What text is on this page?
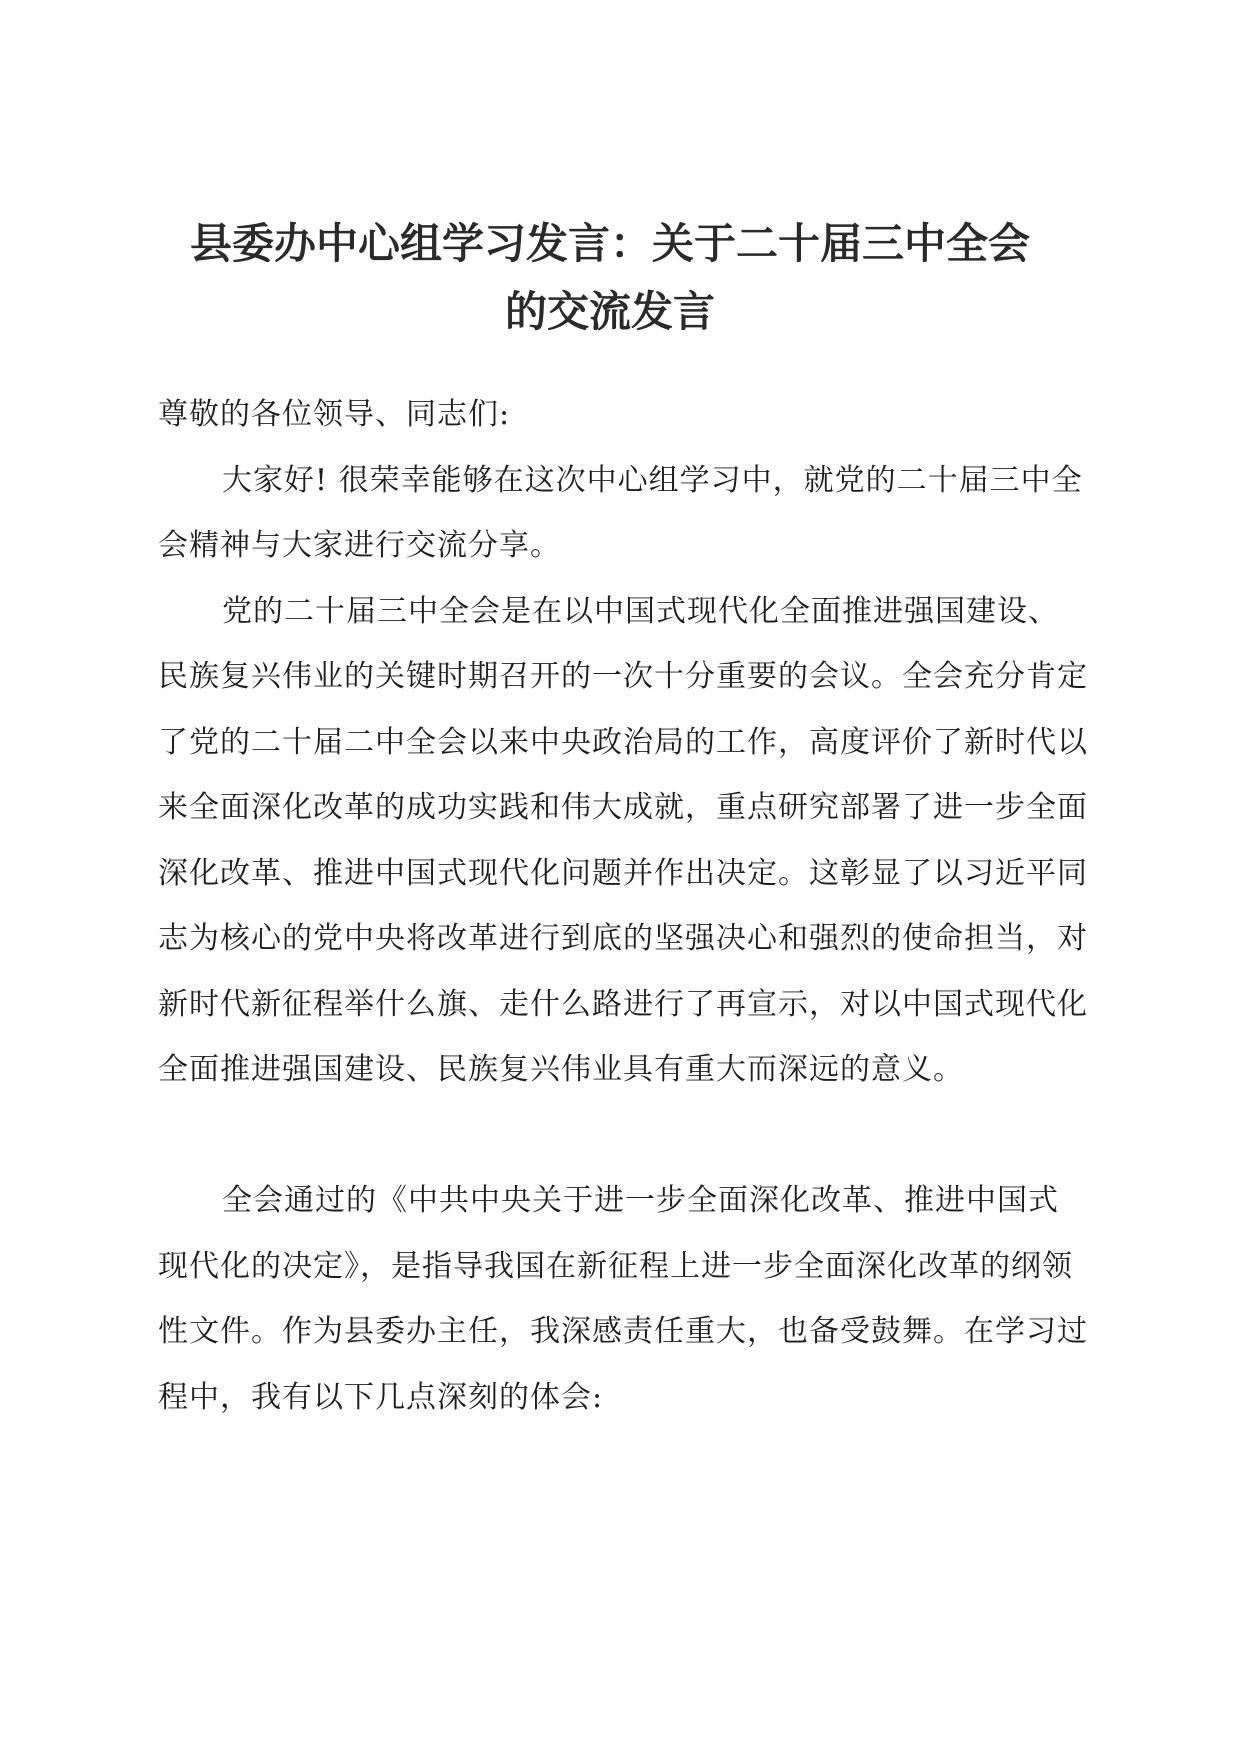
县委办中心组学习发言：关于二十届三中全会
的交流发言

尊敬的各位领导、同志们:

大家好! 很荣幸能够在这次中心组学习中，就党的二十届三中全会精神与大家进行交流分享。

党的二十届三中全会是在以中国式现代化全面推进强国建设、民族复兴伟业的关键时期召开的一次十分重要的会议。全会充分肯定了党的二十届二中全会以来中央政治局的工作，高度评价了新时代以来全面深化改革的成功实践和伟大成就，重点研究部署了进一步全面深化改革、推进中国式现代化问题并作出决定。这彰显了以习近平同志为核心的党中央将改革进行到底的坚强决心和强烈的使命担当，对新时代新征程举什么旗、走什么路进行了再宣示，对以中国式现代化全面推进强国建设、民族复兴伟业具有重大而深远的意义。

全会通过的《中共中央关于进一步全面深化改革、推进中国式现代化的决定》，是指导我国在新征程上进一步全面深化改革的纲领性文件。作为县委办主任，我深感责任重大，也备受鼓舞。在学习过程中，我有以下几点深刻的体会:
